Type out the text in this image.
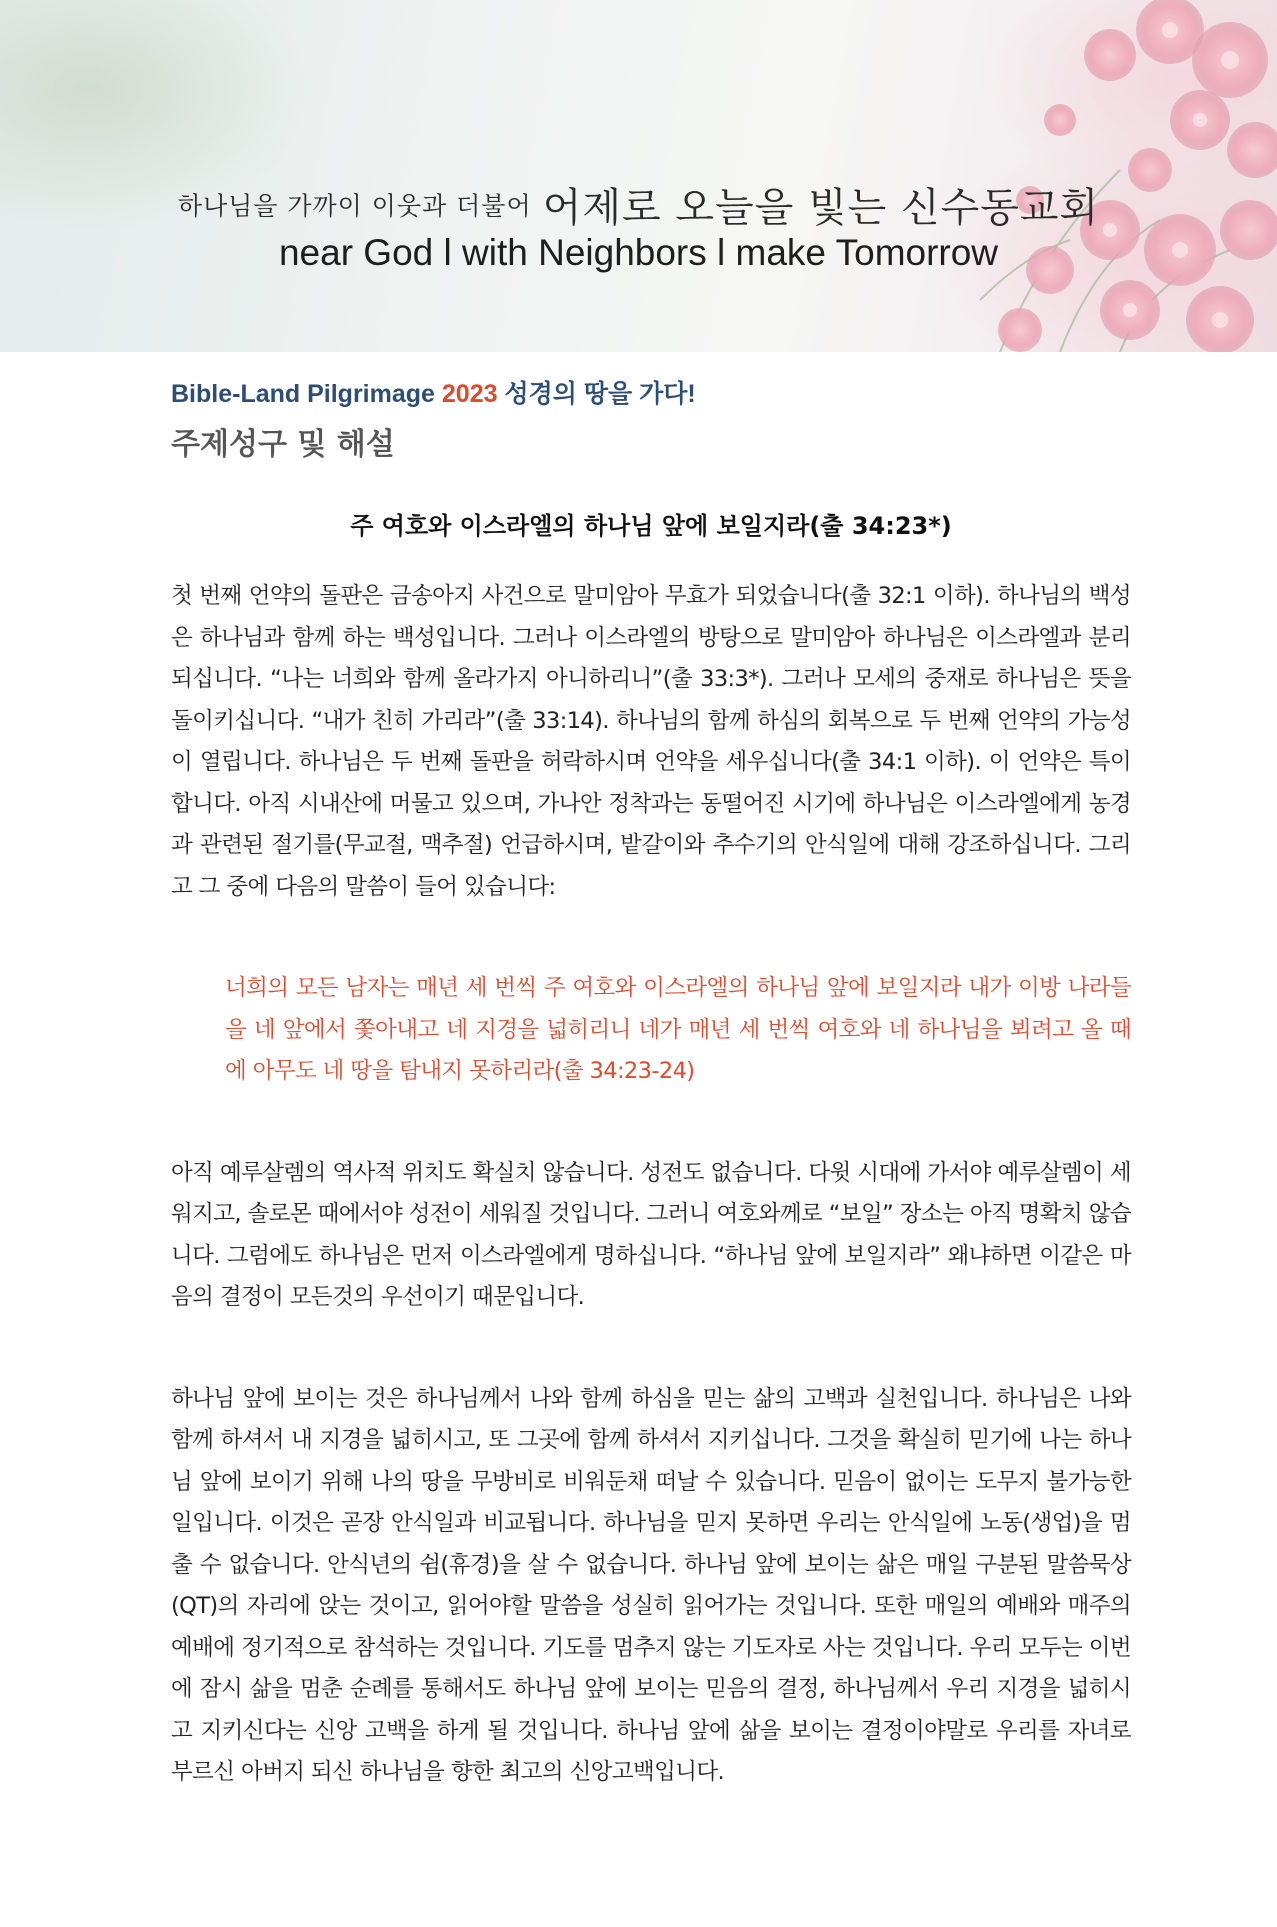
하나님을 가까이 이웃과 더불어 어제로 오늘을 빛는 신수동교회
near God l with Neighbors l make Tomorrow
Bible-Land Pilgrimage 2023 성경의 땅을 가다!
주제성구 및 해설
주 여호와 이스라엘의 하나님 앞에 보일지라(출 34:23*)

첫 번째 언약의 돌판은 금송아지 사건으로 말미암아 무효가 되었습니다(출 32:1 이하). 하나님의 백성은 하나님과 함께 하는 백성입니다. 그러나 이스라엘의 방탕으로 말미암아 하나님은 이스라엘과 분리 되십니다. “나는 너희와 함께 올라가지 아니하리니”(출 33:3*). 그러나 모세의 중재로 하나님은 뜻을 돌이키십니다. “내가 친히 가리라”(출 33:14). 하나님의 함께 하심의 회복으로 두 번째 언약의 가능성이 열립니다. 하나님은 두 번째 돌판을 허락하시며 언약을 세우십니다(출 34:1 이하). 이 언약은 특이합니다. 아직 시내산에 머물고 있으며, 가나안 정착과는 동떨어진 시기에 하나님은 이스라엘에게 농경과 관련된 절기를(무교절, 맥추절) 언급하시며, 밭갈이와 추수기의 안식일에 대해 강조하십니다. 그리고 그 중에 다음의 말씀이 들어 있습니다:

너희의 모든 남자는 매년 세 번씩 주 여호와 이스라엘의 하나님 앞에 보일지라 내가 이방 나라들을 네 앞에서 쫓아내고 네 지경을 넓히리니 네가 매년 세 번씩 여호와 네 하나님을 뵈려고 올 때에 아무도 네 땅을 탐내지 못하리라(출 34:23-24)

아직 예루살렘의 역사적 위치도 확실치 않습니다. 성전도 없습니다. 다윗 시대에 가서야 예루살렘이 세워지고, 솔로몬 때에서야 성전이 세워질 것입니다. 그러니 여호와께로 “보일” 장소는 아직 명확치 않습니다. 그럼에도 하나님은 먼저 이스라엘에게 명하십니다. “하나님 앞에 보일지라” 왜냐하면 이같은 마음의 결정이 모든것의 우선이기 때문입니다.

하나님 앞에 보이는 것은 하나님께서 나와 함께 하심을 믿는 삶의 고백과 실천입니다. 하나님은 나와 함께 하셔서 내 지경을 넓히시고, 또 그곳에 함께 하셔서 지키십니다. 그것을 확실히 믿기에 나는 하나님 앞에 보이기 위해 나의 땅을 무방비로 비워둔채 떠날 수 있습니다. 믿음이 없이는 도무지 불가능한 일입니다. 이것은 곧장 안식일과 비교됩니다. 하나님을 믿지 못하면 우리는 안식일에 노동(생업)을 멈출 수 없습니다. 안식년의 쉼(휴경)을 살 수 없습니다. 하나님 앞에 보이는 삶은 매일 구분된 말씀묵상(QT)의 자리에 앉는 것이고, 읽어야할 말씀을 성실히 읽어가는 것입니다. 또한 매일의 예배와 매주의 예배에 정기적으로 참석하는 것입니다. 기도를 멈추지 않는 기도자로 사는 것입니다. 우리 모두는 이번에 잠시 삶을 멈춘 순례를 통해서도 하나님 앞에 보이는 믿음의 결정, 하나님께서 우리 지경을 넓히시고 지키신다는 신앙 고백을 하게 될 것입니다. 하나님 앞에 삶을 보이는 결정이야말로 우리를 자녀로 부르신 아버지 되신 하나님을 향한 최고의 신앙고백입니다.
